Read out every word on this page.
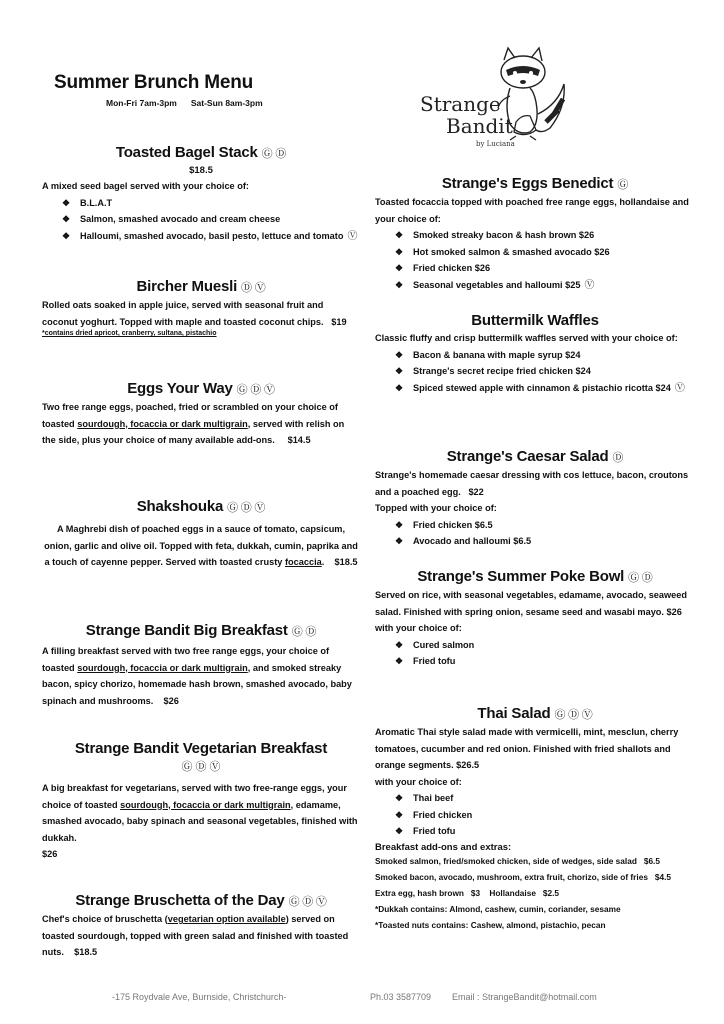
Strange
Bandit
by Luciana
Summer Brunch Menu
Mon-Fri 7am-3pm Sat-Sun 8am-3pm
Toasted Bagel Stack Ⓖ Ⓓ
$18.5

A mixed seed bagel served with your choice of:

❖ B.L.A.T
❖ Salmon, smashed avocado and cream cheese
❖ Halloumi, smashed avocado, basil pesto, lettuce and tomato Ⓥ
Bircher Muesli Ⓓ Ⓥ

Rolled oats soaked in apple juice, served with seasonal fruit and coconut yoghurt. Topped with maple and toasted coconut chips. $19

*contains dried apricot, cranberry, sultana, pistachio
Eggs Your Way Ⓖ Ⓓ Ⓥ

Two free range eggs, poached, fried or scrambled on your choice of toasted sourdough, focaccia or dark multigrain, served with relish on the side, plus your choice of many available add-ons. $14.5

Shakshouka Ⓖ Ⓓ Ⓥ

A Maghrebi dish of poached eggs in a sauce of tomato, capsicum, onion, garlic and olive oil. Topped with feta, dukkah, cumin, paprika and a touch of cayenne pepper. Served with toasted crusty focaccia. $18.5

Strange Bandit Big Breakfast Ⓖ Ⓓ

A filling breakfast served with two free range eggs, your choice of toasted sourdough, focaccia or dark multigrain, and smoked streaky bacon, spicy chorizo, homemade hash brown, smashed avocado, baby spinach and mushrooms. $26

Strange Bandit Vegetarian Breakfast
Ⓖ Ⓓ Ⓥ

A big breakfast for vegetarians, served with two free-range eggs, your choice of toasted sourdough, focaccia or dark multigrain, edamame, smashed avocado, baby spinach and seasonal vegetables, finished with dukkah.
$26

Strange Bruschetta of the Day Ⓖ Ⓓ Ⓥ

Chef's choice of bruschetta (vegetarian option available) served on toasted sourdough, topped with green salad and finished with toasted nuts. $18.5

Strange's Eggs Benedict Ⓖ

Toasted focaccia topped with poached free range eggs, hollandaise and your choice of:

❖ Smoked streaky bacon & hash brown $26
❖ Hot smoked salmon & smashed avocado $26
❖ Fried chicken $26
❖ Seasonal vegetables and halloumi $25 Ⓥ
Buttermilk Waffles

Classic fluffy and crisp buttermilk waffles served with your choice of:

❖ Bacon & banana with maple syrup $24
❖ Strange's secret recipe fried chicken $24
❖ Spiced stewed apple with cinnamon & pistachio ricotta $24 Ⓥ
Strange's Caesar Salad Ⓓ

Strange's homemade caesar dressing with cos lettuce, bacon, croutons and a poached egg. $22

Topped with your choice of:

❖ Fried chicken $6.5
❖ Avocado and halloumi $6.5
Strange's Summer Poke Bowl Ⓖ Ⓓ

Served on rice, with seasonal vegetables, edamame, avocado, seaweed salad. Finished with spring onion, sesame seed and wasabi mayo. $26

with your choice of:

❖ Cured salmon
❖ Fried tofu
Thai Salad Ⓖ Ⓓ Ⓥ

Aromatic Thai style salad made with vermicelli, mint, mesclun, cherry tomatoes, cucumber and red onion. Finished with fried shallots and orange segments. $26.5

with your choice of:

❖ Thai beef
❖ Fried chicken
❖ Fried tofu
Breakfast add-ons and extras:

Smoked salmon, fried/smoked chicken, side of wedges, side salad $6.5

Smoked bacon, avocado, mushroom, extra fruit, chorizo, side of fries $4.5

Extra egg, hash brown $3 Hollandaise $2.5

*Dukkah contains: Almond, cashew, cumin, coriander, sesame

*Toasted nuts contains: Cashew, almond, pistachio, pecan

-175 Roydvale Ave, Burnside, Christchurch-	Ph.03 3587709 Email : StrangeBandit@hotmail.com
